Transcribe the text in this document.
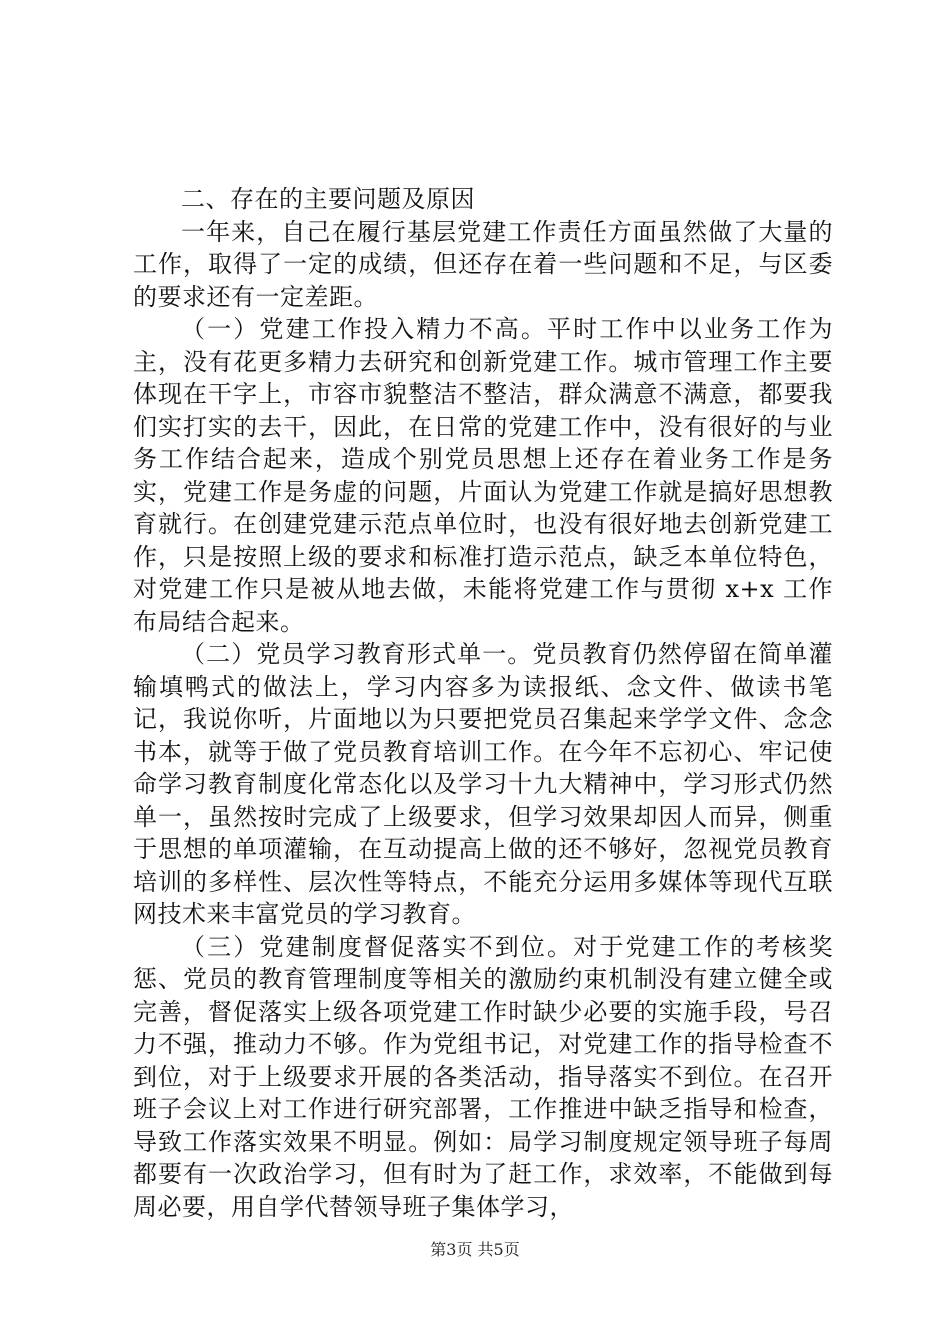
二、存在的主要问题及原因

一年来，自己在履行基层党建工作责任方面虽然做了大量的工作，取得了一定的成绩，但还存在着一些问题和不足，与区委的要求还有一定差距。

（一）党建工作投入精力不高。平时工作中以业务工作为主，没有花更多精力去研究和创新党建工作。城市管理工作主要体现在干字上，市容市貌整洁不整洁，群众满意不满意，都要我们实打实的去干，因此，在日常的党建工作中，没有很好的与业务工作结合起来，造成个别党员思想上还存在着业务工作是务实，党建工作是务虚的问题，片面认为党建工作就是搞好思想教育就行。在创建党建示范点单位时，也没有很好地去创新党建工作，只是按照上级的要求和标准打造示范点，缺乏本单位特色，对党建工作只是被从地去做，未能将党建工作与贯彻 x+x 工作布局结合起来。

（二）党员学习教育形式单一。党员教育仍然停留在简单灌输填鸭式的做法上，学习内容多为读报纸、念文件、做读书笔记，我说你听，片面地以为只要把党员召集起来学学文件、念念书本，就等于做了党员教育培训工作。在今年不忘初心、牢记使命学习教育制度化常态化以及学习十九大精神中，学习形式仍然单一，虽然按时完成了上级要求，但学习效果却因人而异，侧重于思想的单项灌输，在互动提高上做的还不够好，忽视党员教育培训的多样性、层次性等特点，不能充分运用多媒体等现代互联网技术来丰富党员的学习教育。

（三）党建制度督促落实不到位。对于党建工作的考核奖惩、党员的教育管理制度等相关的激励约束机制没有建立健全或完善，督促落实上级各项党建工作时缺少必要的实施手段，号召力不强，推动力不够。作为党组书记，对党建工作的指导检查不到位，对于上级要求开展的各类活动，指导落实不到位。在召开班子会议上对工作进行研究部署，工作推进中缺乏指导和检查，导致工作落实效果不明显。例如：局学习制度规定领导班子每周都要有一次政治学习，但有时为了赶工作，求效率，不能做到每周必要，用自学代替领导班子集体学习，

第3页 共5页
